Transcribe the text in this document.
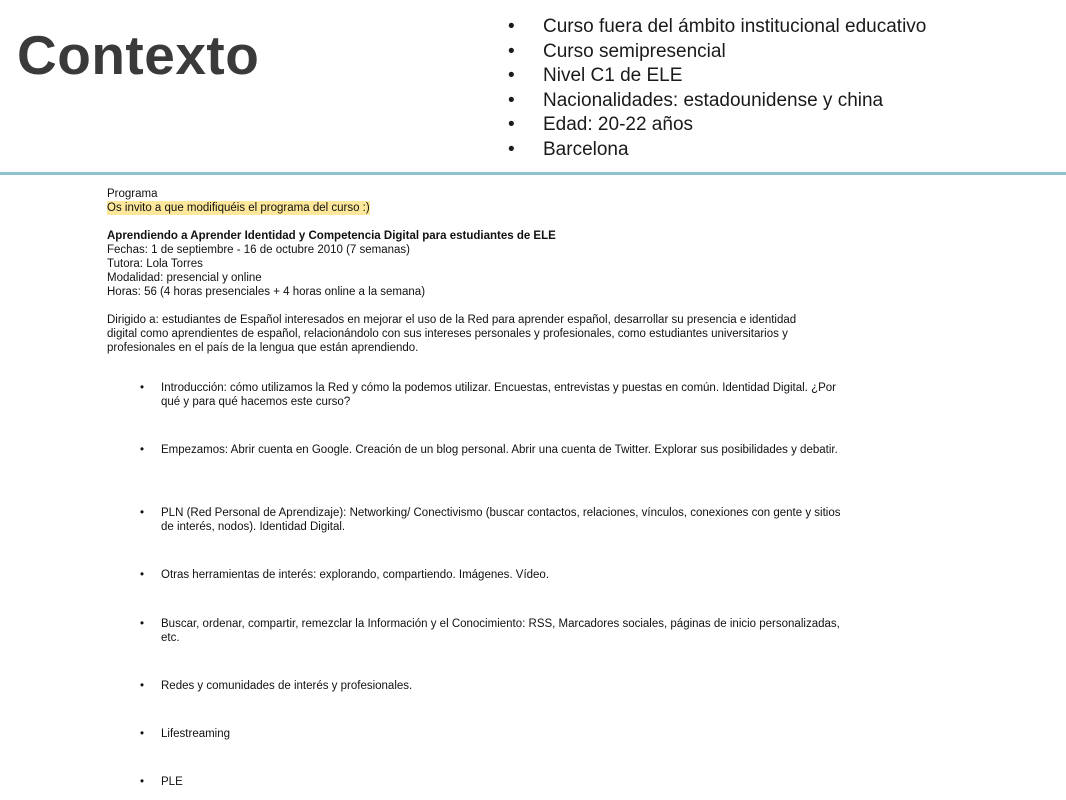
Contexto
•	Curso fuera del ámbito institucional educativo
• Curso semipresencial
• Nivel C1 de ELE
• Nacionalidades: estadounidense y china
• Edad: 20-22 años
• Barcelona
Programa
Os invito a que modifiquéis el programa del curso :)
Aprendiendo a Aprender Identidad y Competencia Digital para estudiantes de ELE
Fechas: 1 de septiembre - 16 de octubre 2010 (7 semanas)
Tutora: Lola Torres
Modalidad: presencial y online
Horas: 56 (4 horas presenciales + 4 horas online a la semana)
Dirigido a: estudiantes de Español interesados en mejorar el uso de la Red para aprender español, desarrollar su presencia e identidad
digital como aprendientes de español, relacionándolo con sus intereses personales y profesionales, como estudiantes universitarios y
profesionales en el país de la lengua que están aprendiendo.
• Introducción: cómo utilizamos la Red y cómo la podemos utilizar. Encuestas, entrevistas y puestas en común. Identidad Digital. ¿Por qué y para qué hacemos este curso?
• Empezamos: Abrir cuenta en Google. Creación de un blog personal. Abrir una cuenta de Twitter. Explorar sus posibilidades y debatir.
• PLN (Red Personal de Aprendizaje): Networking/ Conectivismo (buscar contactos, relaciones, vínculos, conexiones con gente y sitios de interés, nodos). Identidad Digital.
• Otras herramientas de interés: explorando, compartiendo. Imágenes. Vídeo.
• Buscar, ordenar, compartir, remezclar la Información y el Conocimiento: RSS, Marcadores sociales, páginas de inicio personalizadas, etc.
• Redes y comunidades de interés y profesionales.
• Lifestreaming
• PLE
